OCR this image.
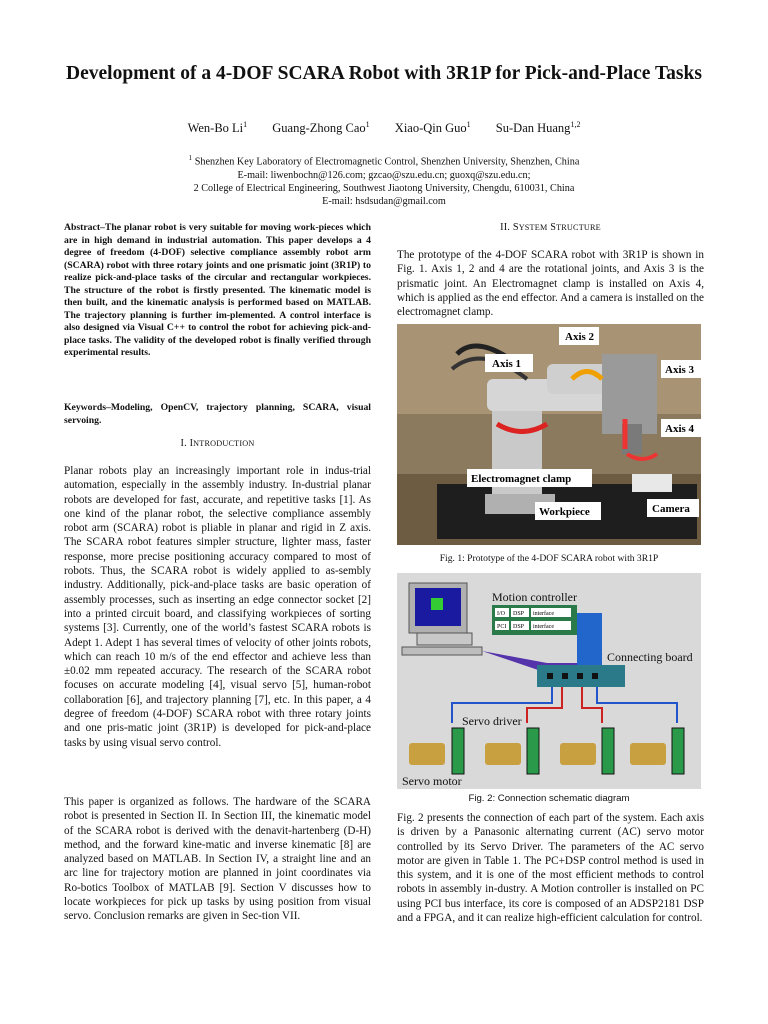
Development of a 4-DOF SCARA Robot with 3R1P for Pick-and-Place Tasks
Wen-Bo Li$^1$ Guang-Zhong Cao$^1$ Xiao-Qin Guo$^1$ Su-Dan Huang$^{1,2}$
$^1$ Shenzhen Key Laboratory of Electromagnetic Control, Shenzhen University, Shenzhen, China
E-mail: liwenbochn@126.com; gzcao@szu.edu.cn; guoxq@szu.edu.cn;
2 College of Electrical Engineering, Southwest Jiaotong University, Chengdu, 610031, China
E-mail: hsdsudan@gmail.com
Abstract–The planar robot is very suitable for moving work-pieces which are in high demand in industrial automation. This paper develops a 4 degree of freedom (4-DOF) selective compliance assembly robot arm (SCARA) robot with three rotary joints and one prismatic joint (3R1P) to realize pick-and-place tasks of the circular and rectangular workpieces. The structure of the robot is firstly presented. The kinematic model is then built, and the kinematic analysis is performed based on MATLAB. The trajectory planning is further im-plemented. A control interface is also designed via Visual C++ to control the robot for achieving pick-and-place tasks. The validity of the developed robot is finally verified through experimental results.
Keywords–Modeling, OpenCV, trajectory planning, SCARA, visual servoing.
I. INTRODUCTION
Planar robots play an increasingly important role in indus-trial automation, especially in the assembly industry. In-dustrial planar robots are developed for fast, accurate, and repetitive tasks [1]. As one kind of the planar robot, the selective compliance assembly robot arm (SCARA) robot is pliable in planar and rigid in Z axis. The SCARA robot features simpler structure, lighter mass, faster response, more precise positioning accuracy compared to most of robots. Thus, the SCARA robot is widely applied to as-sembly industry. Additionally, pick-and-place tasks are basic operation of assembly processes, such as inserting an edge connector socket [2] into a printed circuit board, and classifying workpieces of sorting systems [3]. Currently, one of the world’s fastest SCARA robots is Adept 1. Adept 1 has several times of velocity of other joints robots, which can reach 10 m/s of the end effector and achieve less than ±0.02 mm repeated accuracy. The research of the SCARA robot focuses on accurate modeling [4], visual servo [5], human-robot collaboration [6], and trajectory planning [7], etc. In this paper, a 4 degree of freedom (4-DOF) SCARA robot with three rotary joints and one pris-matic joint (3R1P) is developed for pick-and-place tasks by using visual servo control.
This paper is organized as follows. The hardware of the SCARA robot is presented in Section II. In Section III, the kinematic model of the SCARA robot is derived with the denavit-hartenberg (D-H) method, and the forward kine-matic and inverse kinematic [8] are analyzed based on MATLAB. In Section IV, a straight line and an arc line for trajectory motion are planned in joint coordinates via Ro-botics Toolbox of MATLAB [9]. Section V discusses how to locate workpieces for pick up tasks by using position from visual servo. Conclusion remarks are given in Sec-tion VII.
II. SYSTEM STRUCTURE
The prototype of the 4-DOF SCARA robot with 3R1P is shown in Fig. 1. Axis 1, 2 and 4 are the rotational joints, and Axis 3 is the prismatic joint. An Electromagnet clamp is installed on Axis 4, which is applied as the end effector. And a camera is installed on the electromagnet clamp.
Axis 2
Axis 1	Axis 3
Axis 4
Electromagnet clamp
Workpiece	Camera
Fig. 1: Prototype of the 4-DOF SCARA robot with 3R1P
Motion controller
I/O DSP interface
PCI DSP interface
Connecting board
Servo driver
Servo motor
Fig. 2: Connection schematic diagram
Fig. 2 presents the connection of each part of the system. Each axis is driven by a Panasonic alternating current (AC) servo motor controlled by its Servo Driver. The parameters of the AC servo motor are given in Table 1. The PC+DSP control method is used in this system, and it is one of the most efficient methods to control robots in assembly in-dustry. A Motion controller is installed on PC using PCI bus interface, its core is composed of an ADSP2181 DSP and a FPGA, and it can realize high-efficient calculation for control.
